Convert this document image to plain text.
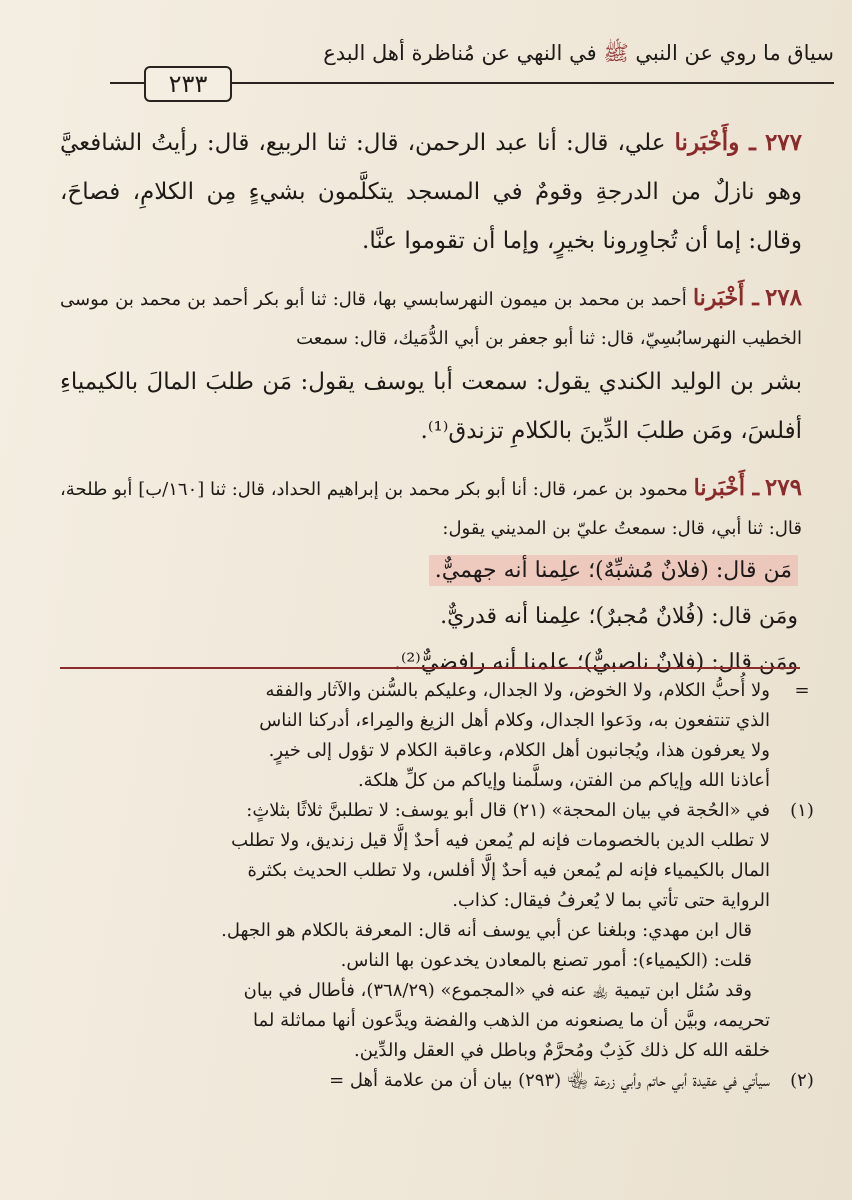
سياق ما روي عن النبي ﷺ في النهي عن مُناظرة أهل البدع
٢٣٣

٢٧٧ ـ وأَخْبَرنا علي، قال: أنا عبد الرحمن، قال: ثنا الربيع، قال: رأيتُ الشافعيَّ وهو نازلٌ من الدرجةِ وقومٌ في المسجد يتكلَّمون بشيءٍ مِن الكلامِ، فصاحَ، وقال: إما أن تُجاوِرونا بخيرٍ، وإما أن تقوموا عنَّا.

٢٧٨ ـ أَخْبَرنا أحمد بن محمد بن ميمون النهرسابسي بها، قال: ثنا أبو بكر أحمد بن محمد بن موسى الخطيب النهرسابُسِيّ، قال: ثنا أبو جعفر بن أبي الدُّمَيك، قال: سمعت

بشر بن الوليد الكندي يقول: سمعت أبا يوسف يقول: مَن طلبَ المالَ بالكيمياءِ أفلسَ، ومَن طلبَ الدِّينَ بالكلامِ تزندق⁽¹⁾.

٢٧٩ ـ أَخْبَرنا محمود بن عمر، قال: أنا أبو بكر محمد بن إبراهيم الحداد، قال: ثنا [١٦٠/ب] أبو طلحة، قال: ثنا أبي، قال: سمعتُ عليّ بن المديني يقول:

مَن قال: (فلانٌ مُشبِّهٌ)؛ علِمنا أنه جهميٌّ.

ومَن قال: (فُلانٌ مُجبرٌ)؛ علِمنا أنه قدريٌّ.

ومَن قال: (فلانٌ ناصبيٌّ)؛ علمنا أنه رافضيٌّ⁽²⁾.

=

ولا أُحبُّ الكلام، ولا الخوض، ولا الجدال، وعليكم بالسُّنن والآثار والفقه

الذي تنتفعون به، ودَعوا الجدال، وكلام أهل الزيغ والمِراء، أدركنا الناس

ولا يعرفون هذا، ويُجانبون أهل الكلام، وعاقبة الكلام لا تؤول إلى خيرٍ.

أعاذنا الله وإياكم من الفتن، وسلَّمنا وإياكم من كلِّ هلكة.

(١)

في «الحُجة في بيان المحجة» (٢١) قال أبو يوسف: لا تطلبنَّ ثلاثًا بثلاثٍ:

لا تطلب الدين بالخصومات فإنه لم يُمعن فيه أحدٌ إلَّا قيل زنديق، ولا تطلب

المال بالكيمياء فإنه لم يُمعن فيه أحدٌ إلَّا أفلس، ولا تطلب الحديث بكثرة

الرواية حتى تأتي بما لا يُعرفُ فيقال: كذاب.

قال ابن مهدي: وبلغنا عن أبي يوسف أنه قال: المعرفة بالكلام هو الجهل.

قلت: (الكيمياء): أمور تصنع بالمعادن يخدعون بها الناس.

وقد سُئل ابن تيمية ﵀ عنه في «المجموع» (٣٦٨/٢٩)، فأطال في بيان

تحريمه، وبيَّن أن ما يصنعونه من الذهب والفضة ويدَّعون أنها مماثلة لما

خلقه الله كل ذلك كَذِبٌ ومُحرَّمٌ وباطل في العقل والدِّين.

(٢)

سيأتي في عقيدة أبي حاتم وأبي زرعة ﵄ (٢٩٣) بيان أن من علامة أهل =
